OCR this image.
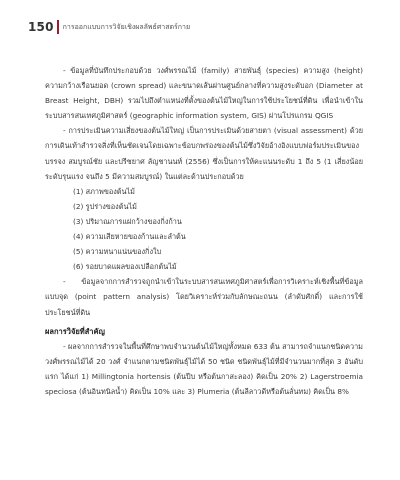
150 การออกแบบการวิจัยเชิงผลลัพธ์ศาสตร์กาย

- ข้อมูลที่บันทึกประกอบด้วย วงศ์พรรณไม้ (family) สายพันธุ์ (species) ความสูง (height) ความกว้างเรือนยอด (crown spread) และขนาดเส้นผ่านศูนย์กลางที่ความสูงระดับอก (Diameter at Breast Height, DBH) รวมไปถึงตำแหน่งที่ตั้งของต้นไม้ใหญ่ในการใช้ประโยชน์ที่ดิน เพื่อนำเข้าในระบบสารสนเทศภูมิศาสตร์ (geographic information system, GIS) ผ่านโปรแกรม QGIS

- การประเมินความเสี่ยงของต้นไม้ใหญ่ เป็นการประเมินด้วยสายตา (visual assessment) ด้วยการเดินเท้าสำรวจสิ่งที่เห็นชัดเจนโดยเฉพาะข้อบกพร่องของต้นไม้ซึ่งวิจัยอ้างอิงแบบฟอร์มประเมินของบรรจง สมบูรณ์ชัย และปรีชยาศ ลัญชานนท์ (2556) ซึ่งเป็นการให้คะแนนระดับ 1 ถึง 5 (1 เสี่ยงน้อยระดับรุนแรง จนถึง 5 มีความสมบูรณ์) ในแต่ละด้านประกอบด้วย

(1) สภาพของต้นไม้
(2) รูปร่างของต้นไม้
(3) ปริมาณการแผ่กว้างของกิ่งก้าน
(4) ความเสียหายของก้านและลำต้น
(5) ความหนาแน่นของกิ่งใบ
(6) รอยบาดแผลของเปลือกต้นไม้

- ข้อมูลจากการสำรวจถูกนำเข้าในระบบสารสนเทศภูมิศาสตร์เพื่อการวิเคราะห์เชิงพื้นที่ข้อมูลแบบจุด (point pattern analysis) โดยวิเคราะห์ร่วมกับลักษณะถนน (ลำดับศักดิ์) และการใช้ประโยชน์ที่ดิน

ผลการวิจัยที่สำคัญ

- ผลจากการสำรวจในพื้นที่ศึกษาพบจำนวนต้นไม้ใหญ่ทั้งหมด 633 ต้น สามารถจำแนกชนิดความวงศ์พรรณไม้ได้ 20 วงศ์ จำแนกตามชนิดพันธุ์ไม้ได้ 50 ชนิด ชนิดพันธุ์ไม้ที่มีจำนวนมากที่สุด 3 อันดับแรก ได้แก่ 1) Millingtonia hortensis (ต้นปีบ หรือต้นกาสะลอง) คิดเป็น 20% 2) Lagerstroemia speciosa (ต้นอินทนิลน้ำ) คิดเป็น 10% และ 3) Plumeria (ต้นลีลาวดีหรือต้นลั่นทม) คิดเป็น 8%
